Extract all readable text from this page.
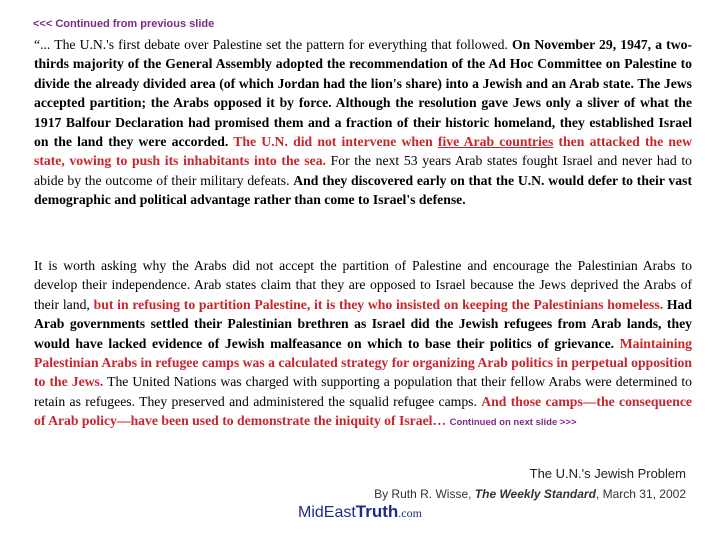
<<< Continued from previous slide
“... The U.N.'s first debate over Palestine set the pattern for everything that followed. On November 29, 1947, a two-thirds majority of the General Assembly adopted the recommendation of the Ad Hoc Committee on Palestine to divide the already divided area (of which Jordan had the lion's share) into a Jewish and an Arab state. The Jews accepted partition; the Arabs opposed it by force. Although the resolution gave Jews only a sliver of what the 1917 Balfour Declaration had promised them and a fraction of their historic homeland, they established Israel on the land they were accorded. The U.N. did not intervene when five Arab countries then attacked the new state, vowing to push its inhabitants into the sea. For the next 53 years Arab states fought Israel and never had to abide by the outcome of their military defeats. And they discovered early on that the U.N. would defer to their vast demographic and political advantage rather than come to Israel's defense.
It is worth asking why the Arabs did not accept the partition of Palestine and encourage the Palestinian Arabs to develop their independence. Arab states claim that they are opposed to Israel because the Jews deprived the Arabs of their land, but in refusing to partition Palestine, it is they who insisted on keeping the Palestinians homeless. Had Arab governments settled their Palestinian brethren as Israel did the Jewish refugees from Arab lands, they would have lacked evidence of Jewish malfeasance on which to base their politics of grievance. Maintaining Palestinian Arabs in refugee camps was a calculated strategy for organizing Arab politics in perpetual opposition to the Jews. The United Nations was charged with supporting a population that their fellow Arabs were determined to retain as refugees. They preserved and administered the squalid refugee camps. And those camps—the consequence of Arab policy—have been used to demonstrate the iniquity of Israel… Continued on next slide >>>
The U.N.'s Jewish Problem
By Ruth R. Wisse, The Weekly Standard, March 31, 2002
MidEastTruth.com
